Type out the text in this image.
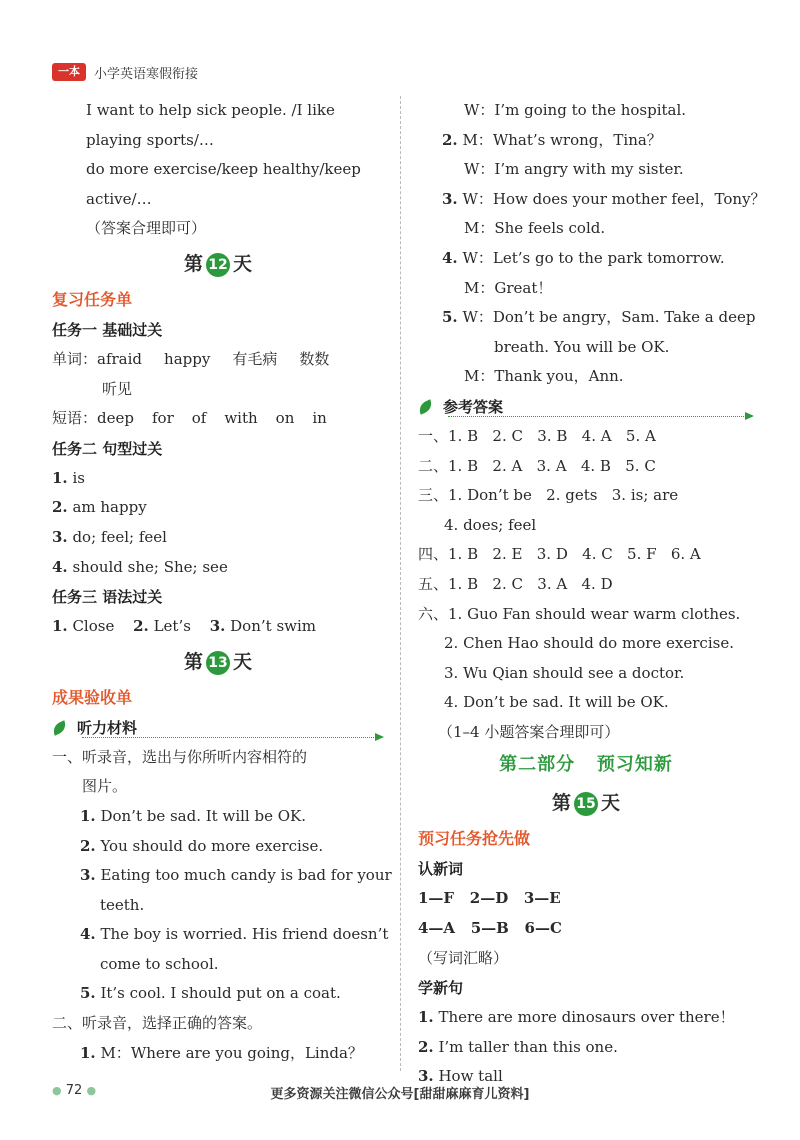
一本	小学英语寒假衔接
I want to help sick people. /I like
playing sports/…
do more exercise/keep healthy/keep
active/…
（答案合理即可）
第 12 天
复习任务单
任务一 基础过关
单词：afraid happy 有毛病 数数
听见
短语：deep for of with on in
任务二 句型过关
1. is
2. am happy
3. do; feel; feel
4. should she; She; see
任务三 语法过关
1. Close 2. Let’s 3. Don’t swim
第 13 天
成果验收单
听力材料
一、听录音，选出与你所听内容相符的
图片。
1. Don’t be sad. It will be OK.
2. You should do more exercise.
3. Eating too much candy is bad for your
teeth.
4. The boy is worried. His friend doesn’t
come to school.
5. It’s cool. I should put on a coat.
二、听录音，选择正确的答案。
1. M：Where are you going，Linda？
W：I’m going to the hospital.
2. M：What’s wrong，Tina？
W：I’m angry with my sister.
3. W：How does your mother feel，Tony？
M：She feels cold.
4. W：Let’s go to the park tomorrow.
M：Great！
5. W：Don’t be angry，Sam. Take a deep
breath. You will be OK.
M：Thank you，Ann.
参考答案
一、1. B   2. C   3. B   4. A   5. A
二、1. B   2. A   3. A   4. B   5. C
三、1. Don’t be   2. gets   3. is; are
4. does; feel
四、1. B   2. E   3. D   4. C   5. F   6. A
五、1. B   2. C   3. A   4. D
六、1. Guo Fan should wear warm clothes.
2. Chen Hao should do more exercise.
3. Wu Qian should see a doctor.
4. Don’t be sad. It will be OK.
（1–4 小题答案合理即可）
第二部分   预习知新
第 15 天
预习任务抢先做
认新词
1—F   2—D   3—E
4—A   5—B   6—C
（写词汇略）
学新句
1. There are more dinosaurs over there！
2. I’m taller than this one.
3. How tall
● 72 ●	更多资源关注微信公众号[甜甜麻麻育儿资料]
